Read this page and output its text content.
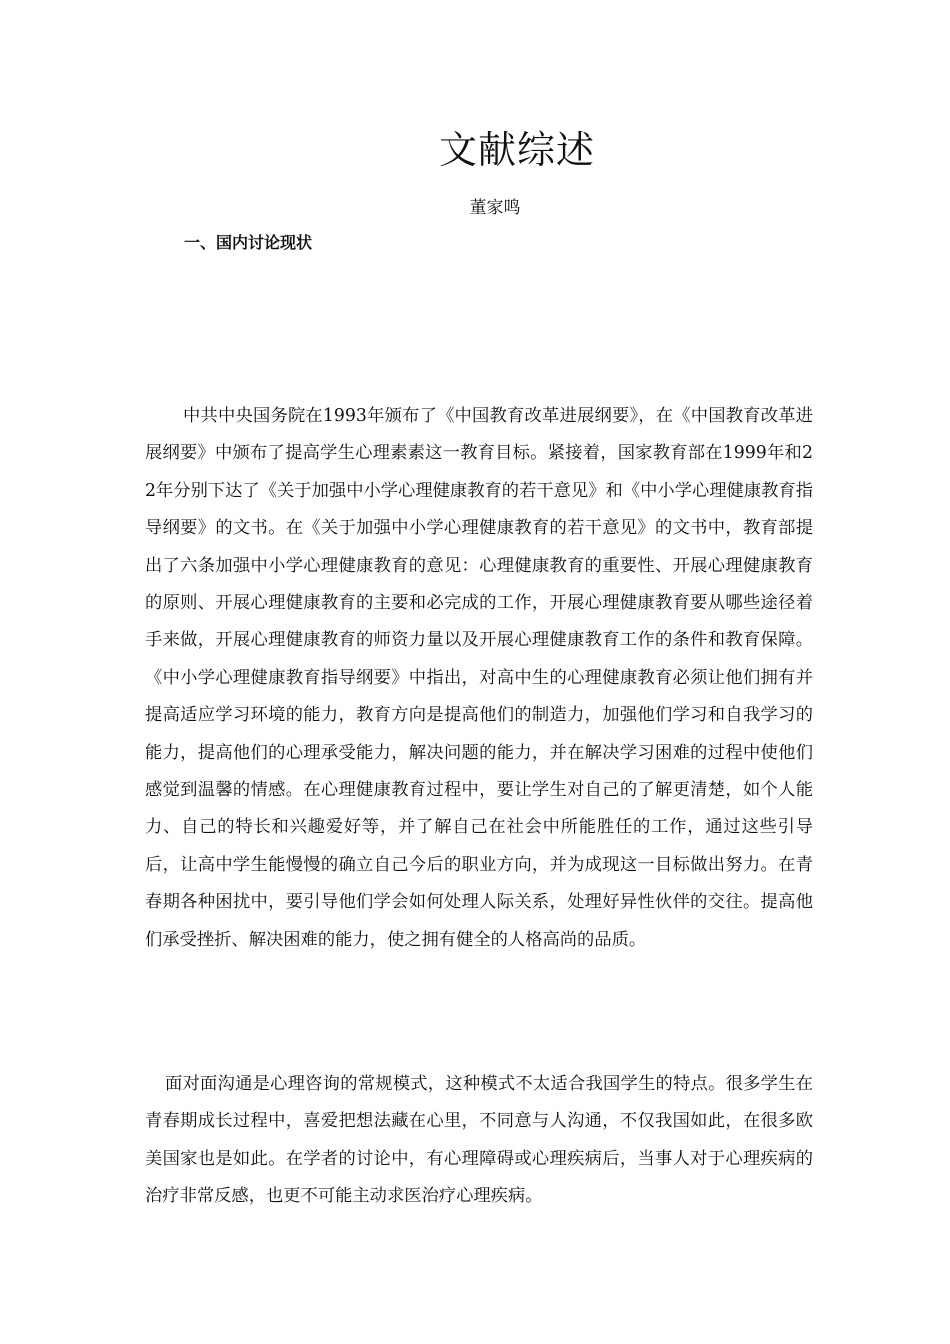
文献综述
董家鸣
一、国内讨论现状

中共中央国务院在1993年颁布了《中国教育改革进展纲要》，在《中国教育改革进展纲要》中颁布了提高学生心理素素这一教育目标。紧接着，国家教育部在1999年和22年分别下达了《关于加强中小学心理健康教育的若干意见》和《中小学心理健康教育指导纲要》的文书。在《关于加强中小学心理健康教育的若干意见》的文书中，教育部提出了六条加强中小学心理健康教育的意见：心理健康教育的重要性、开展心理健康教育的原则、开展心理健康教育的主要和必完成的工作，开展心理健康教育要从哪些途径着手来做，开展心理健康教育的师资力量以及开展心理健康教育工作的条件和教育保障。《中小学心理健康教育指导纲要》中指出，对高中生的心理健康教育必须让他们拥有并提高适应学习环境的能力，教育方向是提高他们的制造力，加强他们学习和自我学习的能力，提高他们的心理承受能力，解决问题的能力，并在解决学习困难的过程中使他们感觉到温馨的情感。在心理健康教育过程中，要让学生对自己的了解更清楚，如个人能力、自己的特长和兴趣爱好等，并了解自己在社会中所能胜任的工作，通过这些引导后，让高中学生能慢慢的确立自己今后的职业方向，并为成现这一目标做出努力。在青春期各种困扰中，要引导他们学会如何处理人际关系，处理好异性伙伴的交往。提高他们承受挫折、解决困难的能力，使之拥有健全的人格高尚的品质。

面对面沟通是心理咨询的常规模式，这种模式不太适合我国学生的特点。很多学生在青春期成长过程中，喜爱把想法藏在心里，不同意与人沟通，不仅我国如此，在很多欧美国家也是如此。在学者的讨论中，有心理障碍或心理疾病后，当事人对于心理疾病的治疗非常反感，也更不可能主动求医治疗心理疾病。
